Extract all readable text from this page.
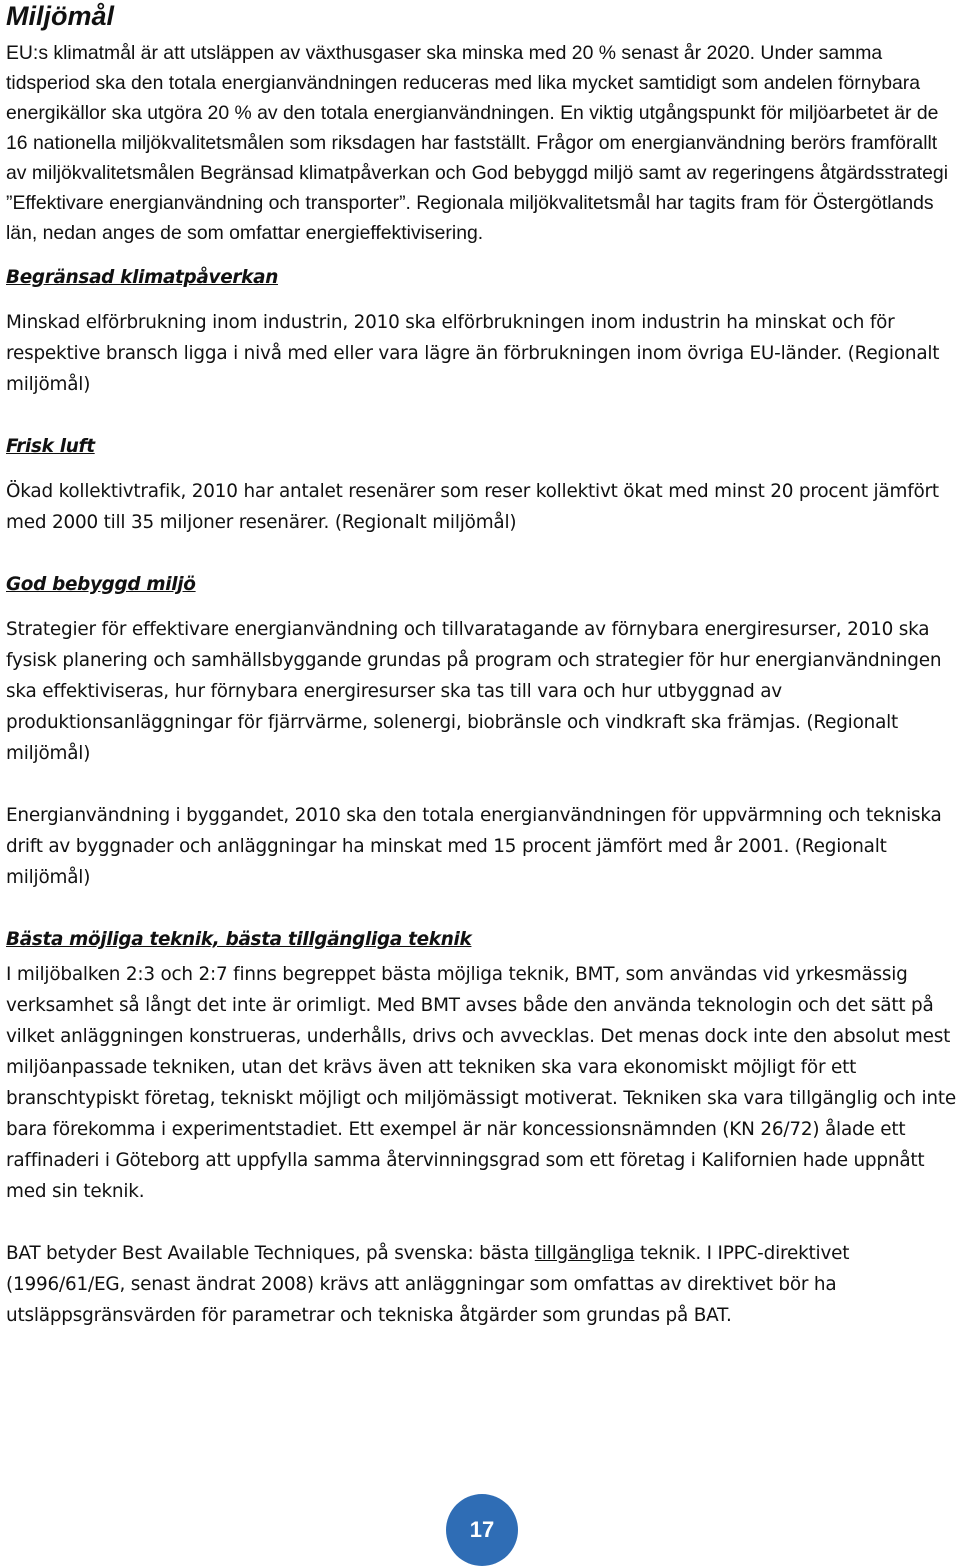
Miljömål

EU:s klimatmål är att utsläppen av växthusgaser ska minska med 20 % senast år 2020. Under samma tidsperiod ska den totala energianvändningen reduceras med lika mycket samtidigt som andelen förnybara energikällor ska utgöra 20 % av den totala energianvändningen. En viktig utgångspunkt för miljöarbetet är de 16 nationella miljökvalitetsmålen som riksdagen har fastställt. Frågor om energianvändning berörs framförallt av miljökvalitetsmålen Begränsad klimatpåverkan och God bebyggd miljö samt av regeringens åtgärdsstrategi ”Effektivare energianvändning och transporter”. Regionala miljökvalitetsmål har tagits fram för Östergötlands län, nedan anges de som omfattar energieffektivisering.

Begränsad klimatpåverkan

Minskad elförbrukning inom industrin, 2010 ska elförbrukningen inom industrin ha minskat och för respektive bransch ligga i nivå med eller vara lägre än förbrukningen inom övriga EU-länder. (Regionalt miljömål)

Frisk luft

Ökad kollektivtrafik, 2010 har antalet resenärer som reser kollektivt ökat med minst 20 procent jämfört med 2000 till 35 miljoner resenärer. (Regionalt miljömål)

God bebyggd miljö

Strategier för effektivare energianvändning och tillvaratagande av förnybara energiresurser, 2010 ska fysisk planering och samhällsbyggande grundas på program och strategier för hur energianvändningen ska effektiviseras, hur förnybara energiresurser ska tas till vara och hur utbyggnad av produktionsanläggningar för fjärrvärme, solenergi, biobränsle och vindkraft ska främjas. (Regionalt miljömål)

Energianvändning i byggandet, 2010 ska den totala energianvändningen för uppvärmning och tekniska drift av byggnader och anläggningar ha minskat med 15 procent jämfört med år 2001. (Regionalt miljömål)

Bästa möjliga teknik, bästa tillgängliga teknik

I miljöbalken 2:3 och 2:7 finns begreppet bästa möjliga teknik, BMT, som användas vid yrkesmässig verksamhet så långt det inte är orimligt. Med BMT avses både den använda teknologin och det sätt på vilket anläggningen konstrueras, underhålls, drivs och avvecklas. Det menas dock inte den absolut mest miljöanpassade tekniken, utan det krävs även att tekniken ska vara ekonomiskt möjligt för ett branschtypiskt företag, tekniskt möjligt och miljömässigt motiverat. Tekniken ska vara tillgänglig och inte bara förekomma i experimentstadiet. Ett exempel är när koncessionsnämnden (KN 26/72) ålade ett raffinaderi i Göteborg att uppfylla samma återvinningsgrad som ett företag i Kalifornien hade uppnått med sin teknik.

BAT betyder Best Available Techniques, på svenska: bästa tillgängliga teknik. I IPPC-direktivet (1996/61/EG, senast ändrat 2008) krävs att anläggningar som omfattas av direktivet bör ha utsläppsgränsvärden för parametrar och tekniska åtgärder som grundas på BAT.

17
